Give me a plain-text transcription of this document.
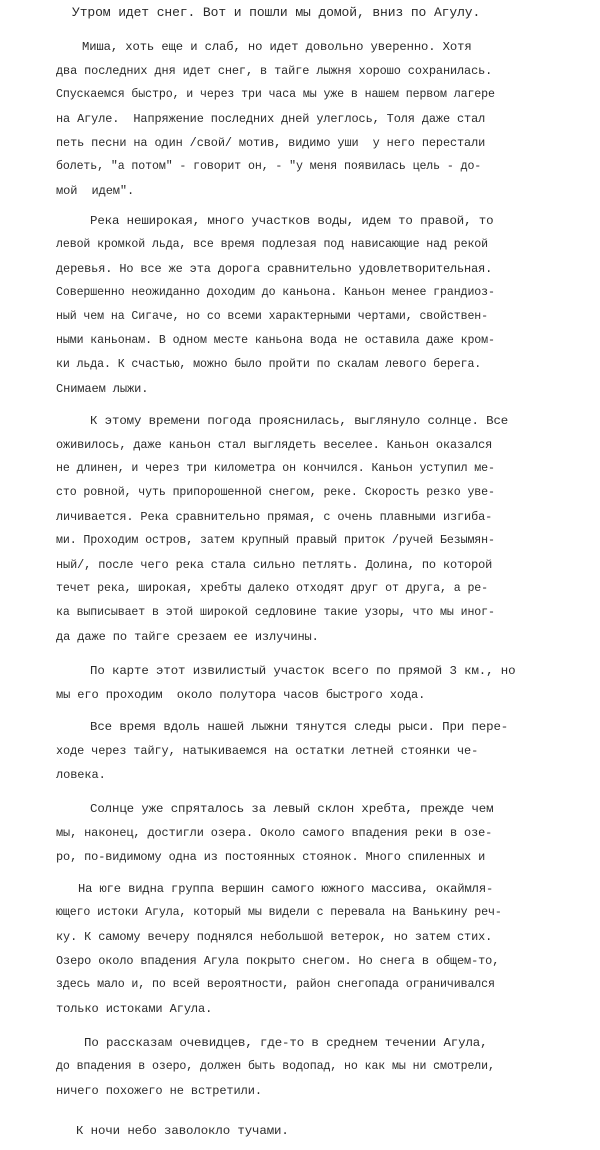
Утром идет снег. Вот и пошли мы домой, вниз по Агулу.
Миша, хоть еще и слаб, но идет довольно уверенно. Хотя
два последних дня идет снег, в тайге лыжня хорошо сохранилась.
Спускаемся быстро, и через три часа мы уже в нашем первом лагере
на Агуле.  Напряжение последних дней улеглось, Толя даже стал
петь песни на один /свой/ мотив, видимо уши  у него перестали
болеть, "а потом" - говорит он, - "у меня появилась цель - до-
мой  идем".
Река неширокая, много участков воды, идем то правой, то
левой кромкой льда, все время подлезая под нависающие над рекой
деревья. Но все же эта дорога сравнительно удовлетворительная.
Совершенно неожиданно доходим до каньона. Каньон менее грандиоз-
ный чем на Сигаче, но со всеми характерными чертами, свойствен-
ными каньонам. В одном месте каньона вода не оставила даже кром-
ки льда. К счастью, можно было пройти по скалам левого берега.
Снимаем лыжи.
К этому времени погода прояснилась, выглянуло солнце. Все
оживилось, даже каньон стал выглядеть веселее. Каньон оказался
не длинен, и через три километра он кончился. Каньон уступил ме-
сто ровной, чуть припорошенной снегом, реке. Скорость резко уве-
личивается. Река сравнительно прямая, с очень плавными изгиба-
ми. Проходим остров, затем крупный правый приток /ручей Безымян-
ный/, после чего река стала сильно петлять. Долина, по которой
течет река, широкая, хребты далеко отходят друг от друга, а ре-
ка выписывает в этой широкой седловине такие узоры, что мы иног-
да даже по тайге срезаем ее излучины.
По карте этот извилистый участок всего по прямой 3 км., но
мы его проходим  около полутора часов быстрого хода.
Все время вдоль нашей лыжни тянутся следы рыси. При пере-
ходе через тайгу, натыкиваемся на остатки летней стоянки че-
ловека.
Солнце уже спряталось за левый склон хребта, прежде чем
мы, наконец, достигли озера. Около самого впадения реки в озе-
ро, по-видимому одна из постоянных стоянок. Много спиленных и
На юге видна группа вершин самого южного массива, окаймля-
ющего истоки Агула, который мы видели с перевала на Ванькину реч-
ку. К самому вечеру поднялся небольшой ветерок, но затем стих.
Озеро около впадения Агула покрыто снегом. Но снега в общем-то,
здесь мало и, по всей вероятности, район снегопада ограничивался
только истоками Агула.
По рассказам очевидцев, где-то в среднем течении Агула,
до впадения в озеро, должен быть водопад, но как мы ни смотрели,
ничего похожего не встретили.
К ночи небо заволокло тучами.
